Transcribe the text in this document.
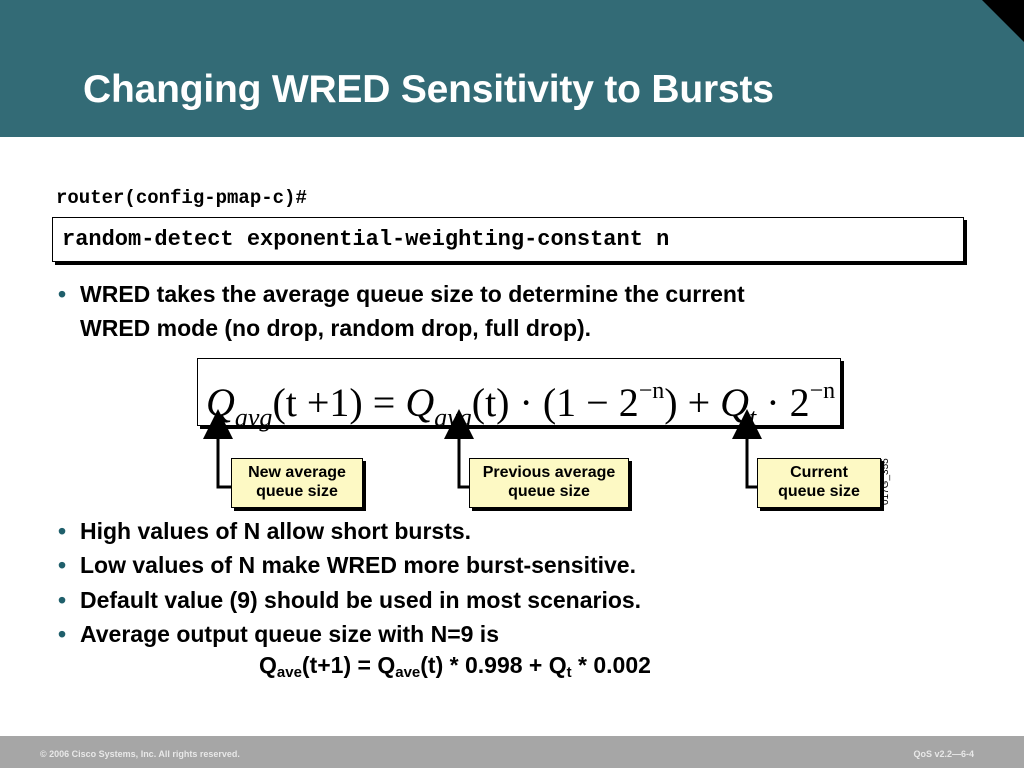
Changing WRED Sensitivity to Bursts
router(config-pmap-c)#
random-detect exponential-weighting-constant n
• WRED takes the average queue size to determine the current
WRED mode (no drop, random drop, full drop).
$Q_{avg}(t +1) = Q_{avg}(t) \cdot (1 - 2^{-n}) + Q_t \cdot 2^{-n}$
New average
queue size
Previous average
queue size
Current
queue size	017G_355
• High values of N allow short bursts.
• Low values of N make WRED more burst-sensitive.
• Default value (9) should be used in most scenarios.
• Average output queue size with N=9 is
$Q_{ave}(t+1) = Q_{ave}(t) * 0.998 + Q_t * 0.002$
© 2006 Cisco Systems, Inc. All rights reserved.	QoS v2.2—6-4
